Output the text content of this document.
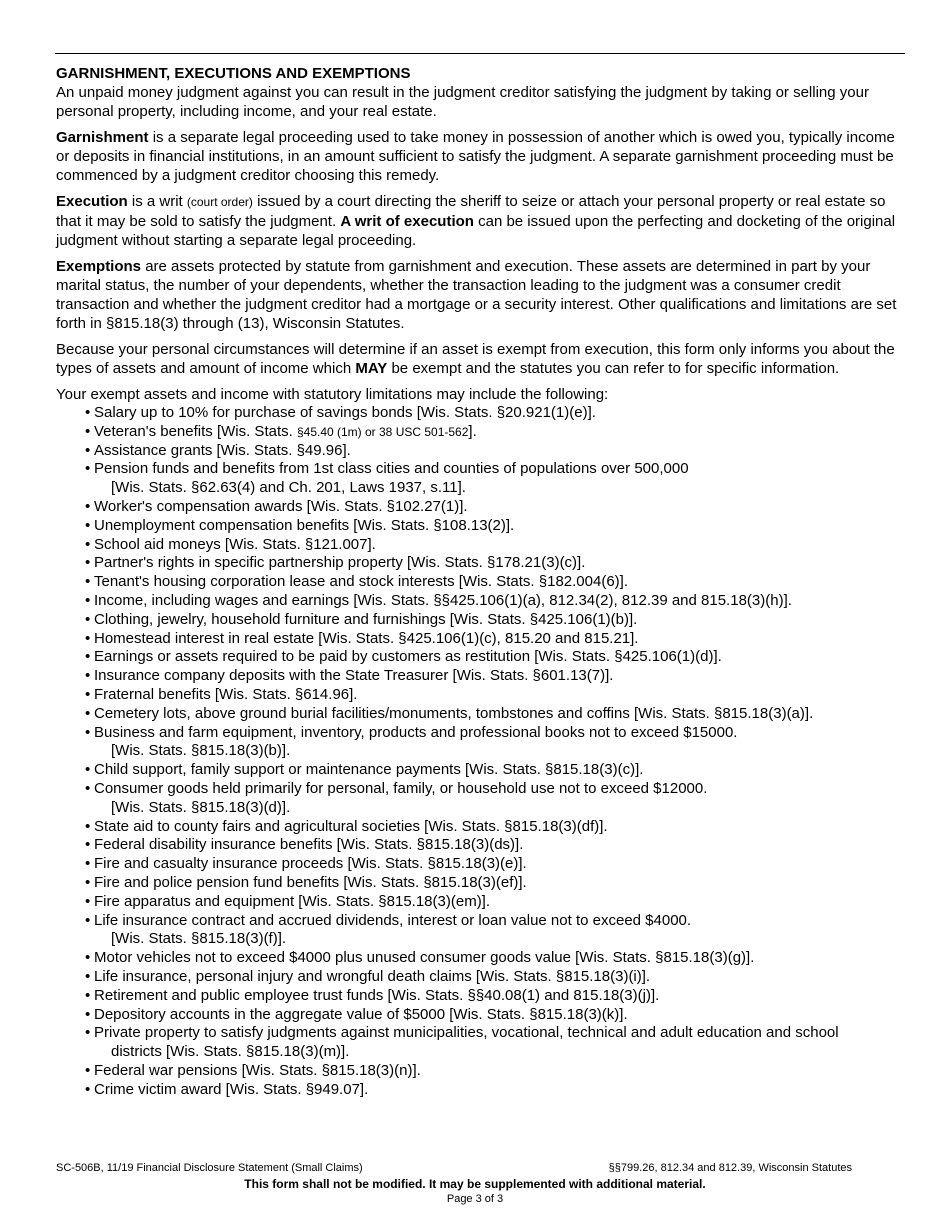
GARNISHMENT, EXECUTIONS AND EXEMPTIONS

An unpaid money judgment against you can result in the judgment creditor satisfying the judgment by taking or selling your personal property, including income, and your real estate.

Garnishment is a separate legal proceeding used to take money in possession of another which is owed you, typically income or deposits in financial institutions, in an amount sufficient to satisfy the judgment. A separate garnishment proceeding must be commenced by a judgment creditor choosing this remedy.

Execution is a writ (court order) issued by a court directing the sheriff to seize or attach your personal property or real estate so that it may be sold to satisfy the judgment. A writ of execution can be issued upon the perfecting and docketing of the original judgment without starting a separate legal proceeding.

Exemptions are assets protected by statute from garnishment and execution. These assets are determined in part by your marital status, the number of your dependents, whether the transaction leading to the judgment was a consumer credit transaction and whether the judgment creditor had a mortgage or a security interest. Other qualifications and limitations are set forth in §815.18(3) through (13), Wisconsin Statutes.

Because your personal circumstances will determine if an asset is exempt from execution, this form only informs you about the types of assets and amount of income which MAY be exempt and the statutes you can refer to for specific information.

Your exempt assets and income with statutory limitations may include the following:
• Salary up to 10% for purchase of savings bonds [Wis. Stats. §20.921(1)(e)].
• Veteran's benefits [Wis. Stats. §45.40 (1m) or 38 USC 501-562].
• Assistance grants [Wis. Stats. §49.96].
• Pension funds and benefits from 1st class cities and counties of populations over 500,000
[Wis. Stats. §62.63(4) and Ch. 201, Laws 1937, s.11].
• Worker's compensation awards [Wis. Stats. §102.27(1)].
• Unemployment compensation benefits [Wis. Stats. §108.13(2)].
• School aid moneys [Wis. Stats. §121.007].
• Partner's rights in specific partnership property [Wis. Stats. §178.21(3)(c)].
• Tenant's housing corporation lease and stock interests [Wis. Stats. §182.004(6)].
• Income, including wages and earnings [Wis. Stats. §§425.106(1)(a), 812.34(2), 812.39 and 815.18(3)(h)].
• Clothing, jewelry, household furniture and furnishings [Wis. Stats. §425.106(1)(b)].
• Homestead interest in real estate [Wis. Stats. §425.106(1)(c), 815.20 and 815.21].
• Earnings or assets required to be paid by customers as restitution [Wis. Stats. §425.106(1)(d)].
• Insurance company deposits with the State Treasurer [Wis. Stats. §601.13(7)].
• Fraternal benefits [Wis. Stats. §614.96].
• Cemetery lots, above ground burial facilities/monuments, tombstones and coffins [Wis. Stats. §815.18(3)(a)].
• Business and farm equipment, inventory, products and professional books not to exceed $15000.
[Wis. Stats. §815.18(3)(b)].
• Child support, family support or maintenance payments [Wis. Stats. §815.18(3)(c)].
• Consumer goods held primarily for personal, family, or household use not to exceed $12000.
[Wis. Stats. §815.18(3)(d)].
• State aid to county fairs and agricultural societies [Wis. Stats. §815.18(3)(df)].
• Federal disability insurance benefits [Wis. Stats. §815.18(3)(ds)].
• Fire and casualty insurance proceeds [Wis. Stats. §815.18(3)(e)].
• Fire and police pension fund benefits [Wis. Stats. §815.18(3)(ef)].
• Fire apparatus and equipment [Wis. Stats. §815.18(3)(em)].
• Life insurance contract and accrued dividends, interest or loan value not to exceed $4000.
[Wis. Stats. §815.18(3)(f)].
• Motor vehicles not to exceed $4000 plus unused consumer goods value [Wis. Stats. §815.18(3)(g)].
• Life insurance, personal injury and wrongful death claims [Wis. Stats. §815.18(3)(i)].
• Retirement and public employee trust funds [Wis. Stats. §§40.08(1) and 815.18(3)(j)].
• Depository accounts in the aggregate value of $5000 [Wis. Stats. §815.18(3)(k)].
• Private property to satisfy judgments against municipalities, vocational, technical and adult education and school
districts [Wis. Stats. §815.18(3)(m)].
• Federal war pensions [Wis. Stats. §815.18(3)(n)].
• Crime victim award [Wis. Stats. §949.07].
SC-506B, 11/19 Financial Disclosure Statement (Small Claims)	§§799.26, 812.34 and 812.39, Wisconsin Statutes
This form shall not be modified. It may be supplemented with additional material.
Page 3 of 3
